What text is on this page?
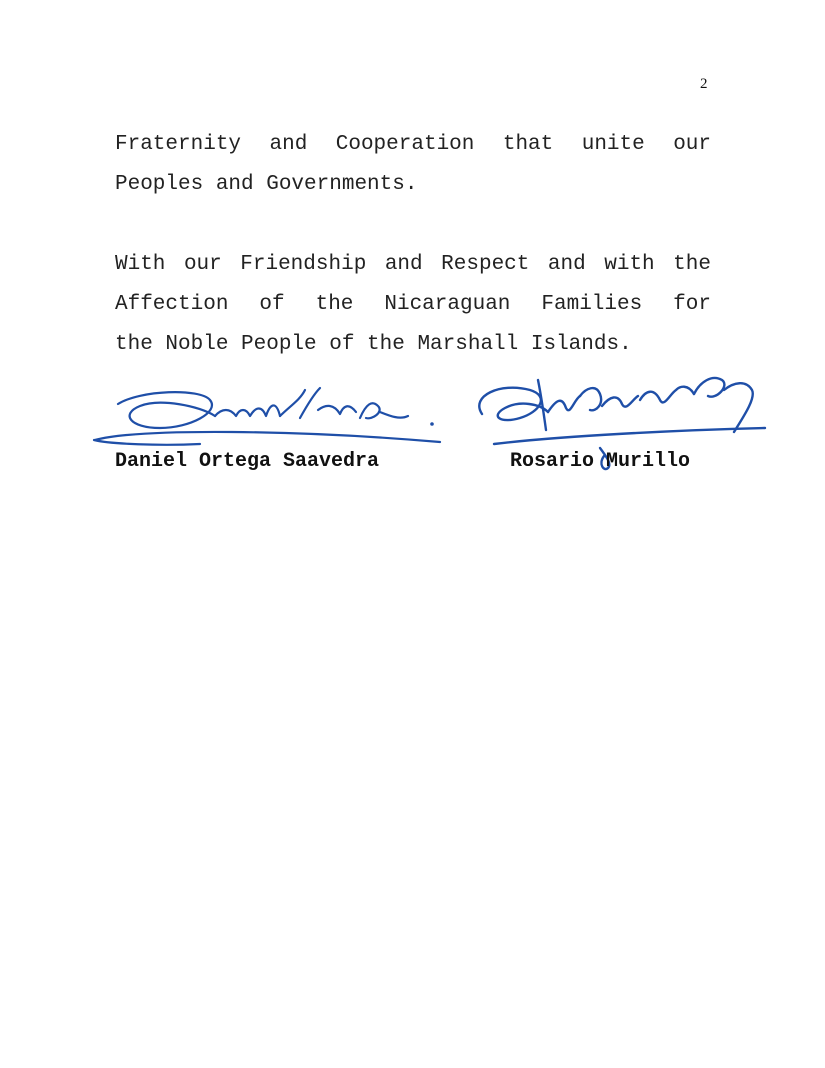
2
Fraternity and Cooperation that unite our
Peoples and Governments.
With our Friendship and Respect and with the
Affection of the Nicaraguan Families for
the Noble People of the Marshall Islands.
Daniel Ortega Saavedra	Rosario Murillo
